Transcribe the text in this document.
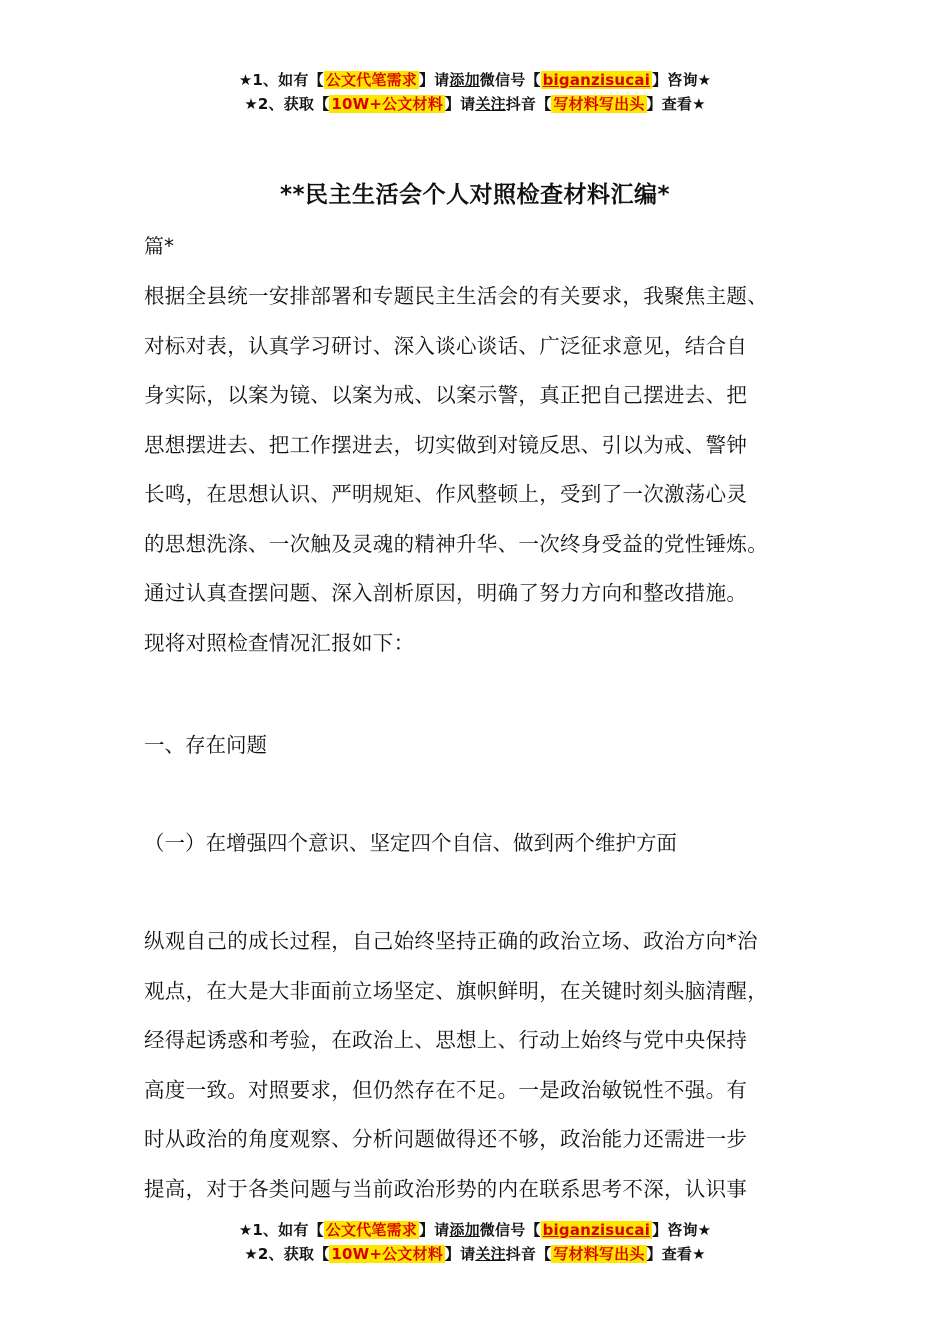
★1、如有【 公文代笔需求 】请添加微信号【 biganzisucai 】咨询★
★2、获取【 10W+公文材料 】请关注抖音【 写材料写出头 】查看★
**民主生活会个人对照检查材料汇编*
篇*
根据全县统一安排部署和专题民主生活会的有关要求，我聚焦主题、
对标对表，认真学习研讨、深入谈心谈话、广泛征求意见，结合自
身实际，以案为镜、以案为戒、以案示警，真正把自己摆进去、把
思想摆进去、把工作摆进去，切实做到对镜反思、引以为戒、警钟
长鸣，在思想认识、严明规矩、作风整顿上，受到了一次激荡心灵
的思想洗涤、一次触及灵魂的精神升华、一次终身受益的党性锤炼。
通过认真查摆问题、深入剖析原因，明确了努力方向和整改措施。
现将对照检查情况汇报如下：
一、存在问题
（一）在增强四个意识、坚定四个自信、做到两个维护方面
纵观自己的成长过程，自己始终坚持正确的政治立场、政治方向*治
观点，在大是大非面前立场坚定、旗帜鲜明，在关键时刻头脑清醒，
经得起诱惑和考验，在政治上、思想上、行动上始终与党中央保持
高度一致。对照要求，但仍然存在不足。一是政治敏锐性不强。有
时从政治的角度观察、分析问题做得还不够，政治能力还需进一步
提高，对于各类问题与当前政治形势的内在联系思考不深，认识事
★1、如有【 公文代笔需求 】请添加微信号【 biganzisucai 】咨询★
★2、获取【 10W+公文材料 】请关注抖音【 写材料写出头 】查看★
